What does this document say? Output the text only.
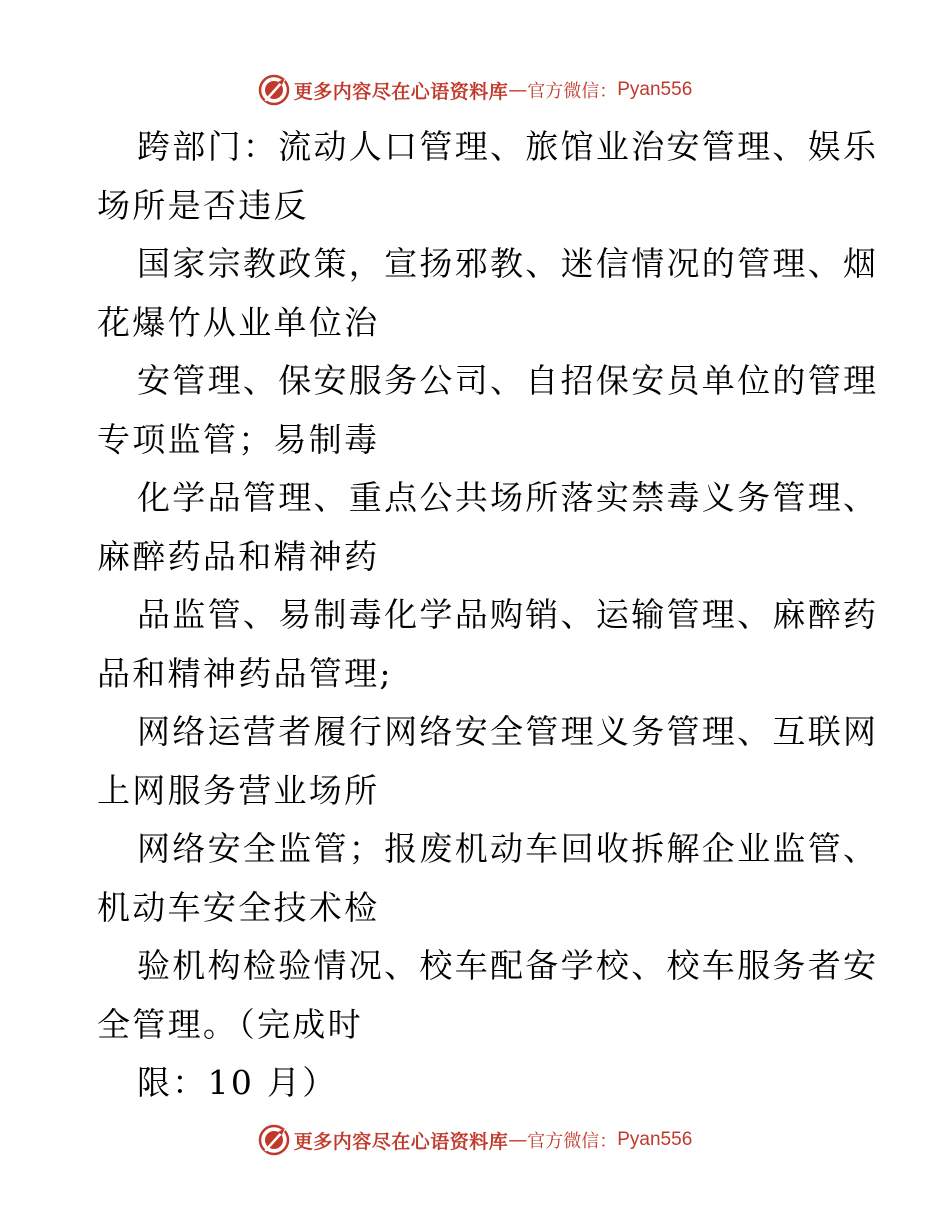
更多内容尽在心语资料库 — 官方微信： Pyan556
跨部门：流动人口管理、旅馆业治安管理、娱乐
场所是否违反
国家宗教政策，宣扬邪教、迷信情况的管理、烟
花爆竹从业单位治
安管理、保安服务公司、自招保安员单位的管理
专项监管；易制毒
化学品管理、重点公共场所落实禁毒义务管理、
麻醉药品和精神药
品监管、易制毒化学品购销、运输管理、麻醉药
品和精神药品管理;
网络运营者履行网络安全管理义务管理、互联网
上网服务营业场所
网络安全监管；报废机动车回收拆解企业监管、
机动车安全技术检
验机构检验情况、校车配备学校、校车服务者安
全管理。（完成时
限：10 月）
更多内容尽在心语资料库 — 官方微信： Pyan556
